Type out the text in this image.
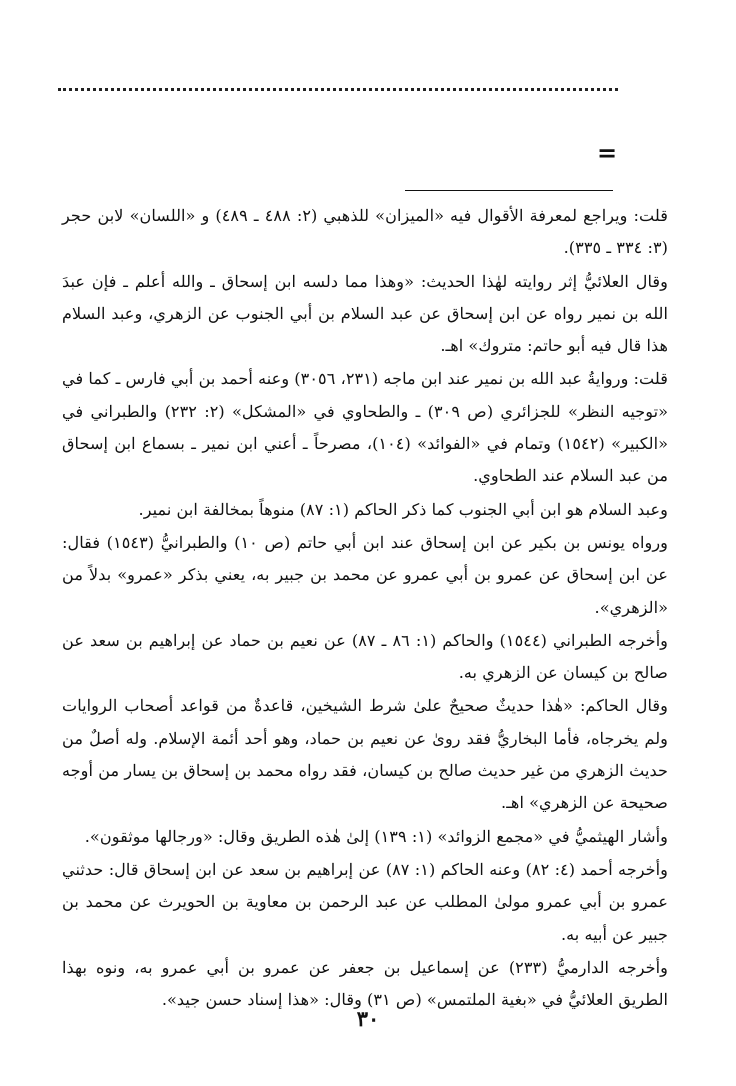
=

قلت: ويراجع لمعرفة الأقوال فيه «الميزان» للذهبي (٢: ٤٨٨ ـ ٤٨٩) و «اللسان» لابن حجر (٣: ٣٣٤ ـ ٣٣٥).

وقال العلائيُّ إثر روايته لهٰذا الحديث: «وهذا مما دلسه ابن إسحاق ـ والله أعلم ـ فإن عبدَ الله بن نمير رواه عن ابن إسحاق عن عبد السلام بن أبي الجنوب عن الزهري، وعبد السلام هذا قال فيه أبو حاتم: متروك» اهـ.

قلت: وروايةُ عبد الله بن نمير عند ابن ماجه (٢٣١، ٣٠٥٦) وعنه أحمد بن أبي فارس ـ كما في «توجيه النظر» للجزائري (ص ٣٠٩) ـ والطحاوي في «المشكل» (٢: ٢٣٢) والطبراني في «الكبير» (١٥٤٢) وتمام في «الفوائد» (١٠٤)، مصرحاً ـ أعني ابن نمير ـ بسماع ابن إسحاق من عبد السلام عند الطحاوي.

وعبد السلام هو ابن أبي الجنوب كما ذكر الحاكم (١: ٨٧) منوهاً بمخالفة ابن نمير.

ورواه يونس بن بكير عن ابن إسحاق عند ابن أبي حاتم (ص ١٠) والطبرانيُّ (١٥٤٣) فقال: عن ابن إسحاق عن عمرو بن أبي عمرو عن محمد بن جبير به، يعني بذكر «عمرو» بدلاً من «الزهري».

وأخرجه الطبراني (١٥٤٤) والحاكم (١: ٨٦ ـ ٨٧) عن نعيم بن حماد عن إبراهيم بن سعد عن صالح بن كيسان عن الزهري به.

وقال الحاكم: «هٰذا حديثٌ صحيحٌ علىٰ شرط الشيخين، قاعدةٌ من قواعد أصحاب الروايات ولم يخرجاه، فأما البخاريُّ فقد روىٰ عن نعيم بن حماد، وهو أحد أئمة الإسلام. وله أصلٌ من حديث الزهري من غير حديث صالح بن كيسان، فقد رواه محمد بن إسحاق بن يسار من أوجه صحيحة عن الزهري» اهـ.

وأشار الهيثميُّ في «مجمع الزوائد» (١: ١٣٩) إلىٰ هٰذه الطريق وقال: «ورجالها موثقون».

وأخرجه أحمد (٤: ٨٢) وعنه الحاكم (١: ٨٧) عن إبراهيم بن سعد عن ابن إسحاق قال: حدثني عمرو بن أبي عمرو مولىٰ المطلب عن عبد الرحمن بن معاوية بن الحويرث عن محمد بن جبير عن أبيه به.

وأخرجه الدارميُّ (٢٣٣) عن إسماعيل بن جعفر عن عمرو بن أبي عمرو به، ونوه بهذا الطريق العلائيُّ في «بغية الملتمس» (ص ٣١) وقال: «هذا إسناد حسن جيد».

٣٠
